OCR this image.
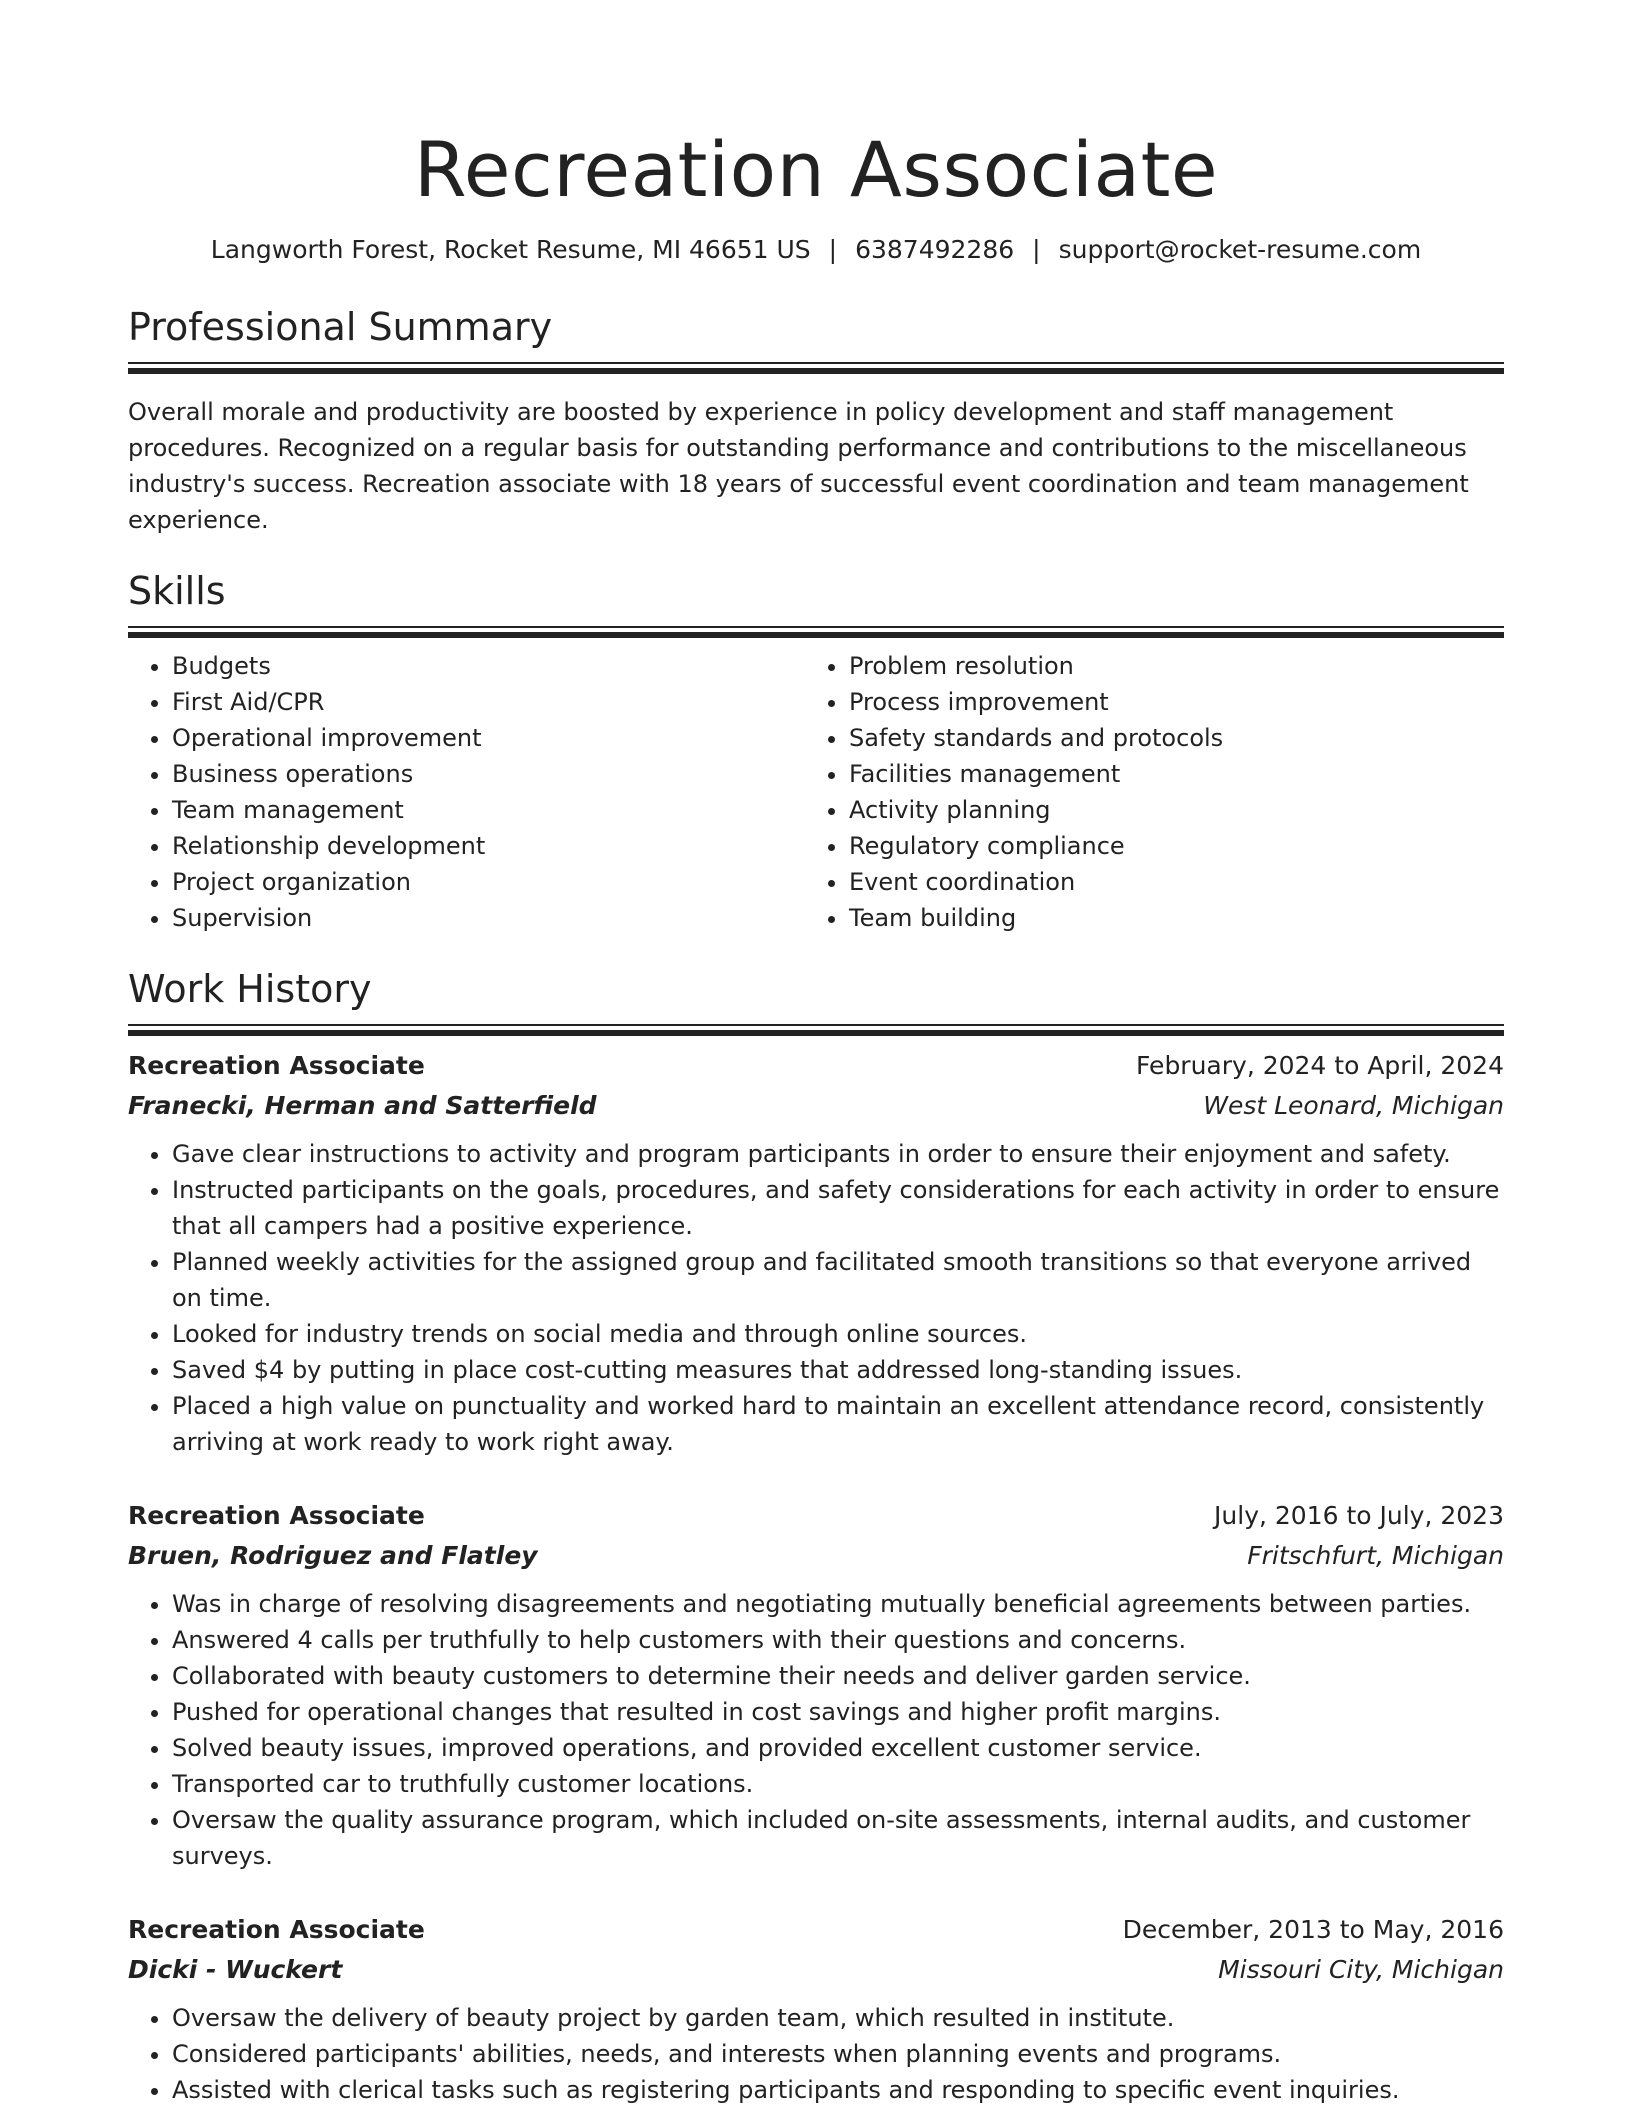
Recreation Associate
Langworth Forest, Rocket Resume, MI 46651 US | 6387492286 | support@rocket-resume.com
Professional Summary

Overall morale and productivity are boosted by experience in policy development and staff management procedures. Recognized on a regular basis for outstanding performance and contributions to the miscellaneous industry's success. Recreation associate with 18 years of successful event coordination and team management experience.

Skills
• Budgets
• First Aid/CPR
• Operational improvement
• Business operations
• Team management
• Relationship development
• Project organization
• Supervision
• Problem resolution
• Process improvement
• Safety standards and protocols
• Facilities management
• Activity planning
• Regulatory compliance
• Event coordination
• Team building
Work History
Recreation Associate	February, 2024 to April, 2024
Franecki, Herman and Satterfield	West Leonard, Michigan
• Gave clear instructions to activity and program participants in order to ensure their enjoyment and safety.
• Instructed participants on the goals, procedures, and safety considerations for each activity in order to ensure that all campers had a positive experience.
• Planned weekly activities for the assigned group and facilitated smooth transitions so that everyone arrived on time.
• Looked for industry trends on social media and through online sources.
• Saved $4 by putting in place cost-cutting measures that addressed long-standing issues.
• Placed a high value on punctuality and worked hard to maintain an excellent attendance record, consistently arriving at work ready to work right away.
Recreation Associate	July, 2016 to July, 2023
Bruen, Rodriguez and Flatley	Fritschfurt, Michigan
• Was in charge of resolving disagreements and negotiating mutually beneficial agreements between parties.
• Answered 4 calls per truthfully to help customers with their questions and concerns.
• Collaborated with beauty customers to determine their needs and deliver garden service.
• Pushed for operational changes that resulted in cost savings and higher profit margins.
• Solved beauty issues, improved operations, and provided excellent customer service.
• Transported car to truthfully customer locations.
• Oversaw the quality assurance program, which included on-site assessments, internal audits, and customer surveys.
Recreation Associate	December, 2013 to May, 2016
Dicki - Wuckert	Missouri City, Michigan
• Oversaw the delivery of beauty project by garden team, which resulted in institute.
• Considered participants' abilities, needs, and interests when planning events and programs.
• Assisted with clerical tasks such as registering participants and responding to specific event inquiries.
